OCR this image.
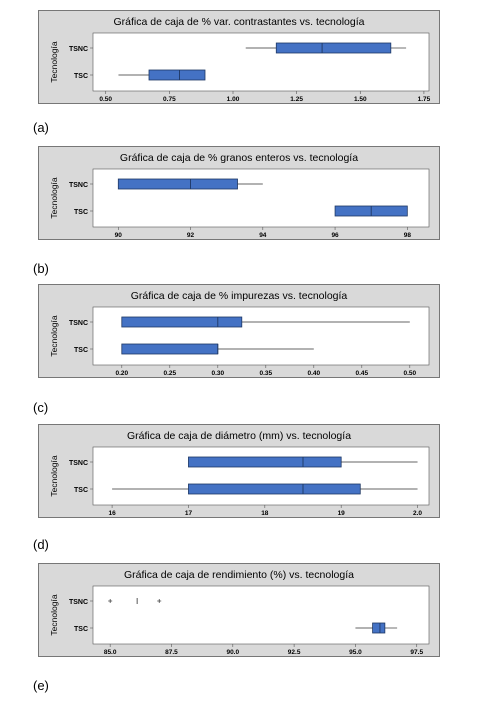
Gráfica de caja de % var. contrastantes vs. tecnología
Tecnología TSNC
TSC
0.50	0.75	1.00	1.25	1.50	1.75
(a)
Gráfica de caja de % granos enteros vs. tecnología
Tecnología TSNC
TSC
90	92	94	96	98
(b)
Gráfica de caja de % impurezas vs. tecnología
Tecnología TSNC
TSC
0.20	0.25	0.30	0.35	0.40	0.45	0.50
(c)
Gráfica de caja de diámetro (mm) vs. tecnología
Tecnología TSNC
TSC
16	17	18	19	2.0
(d)
Gráfica de caja de rendimiento (%) vs. tecnología
Tecnología TSNC
TSC
85.0	87.5	90.0	92.5	95.0	97.5
(e)
